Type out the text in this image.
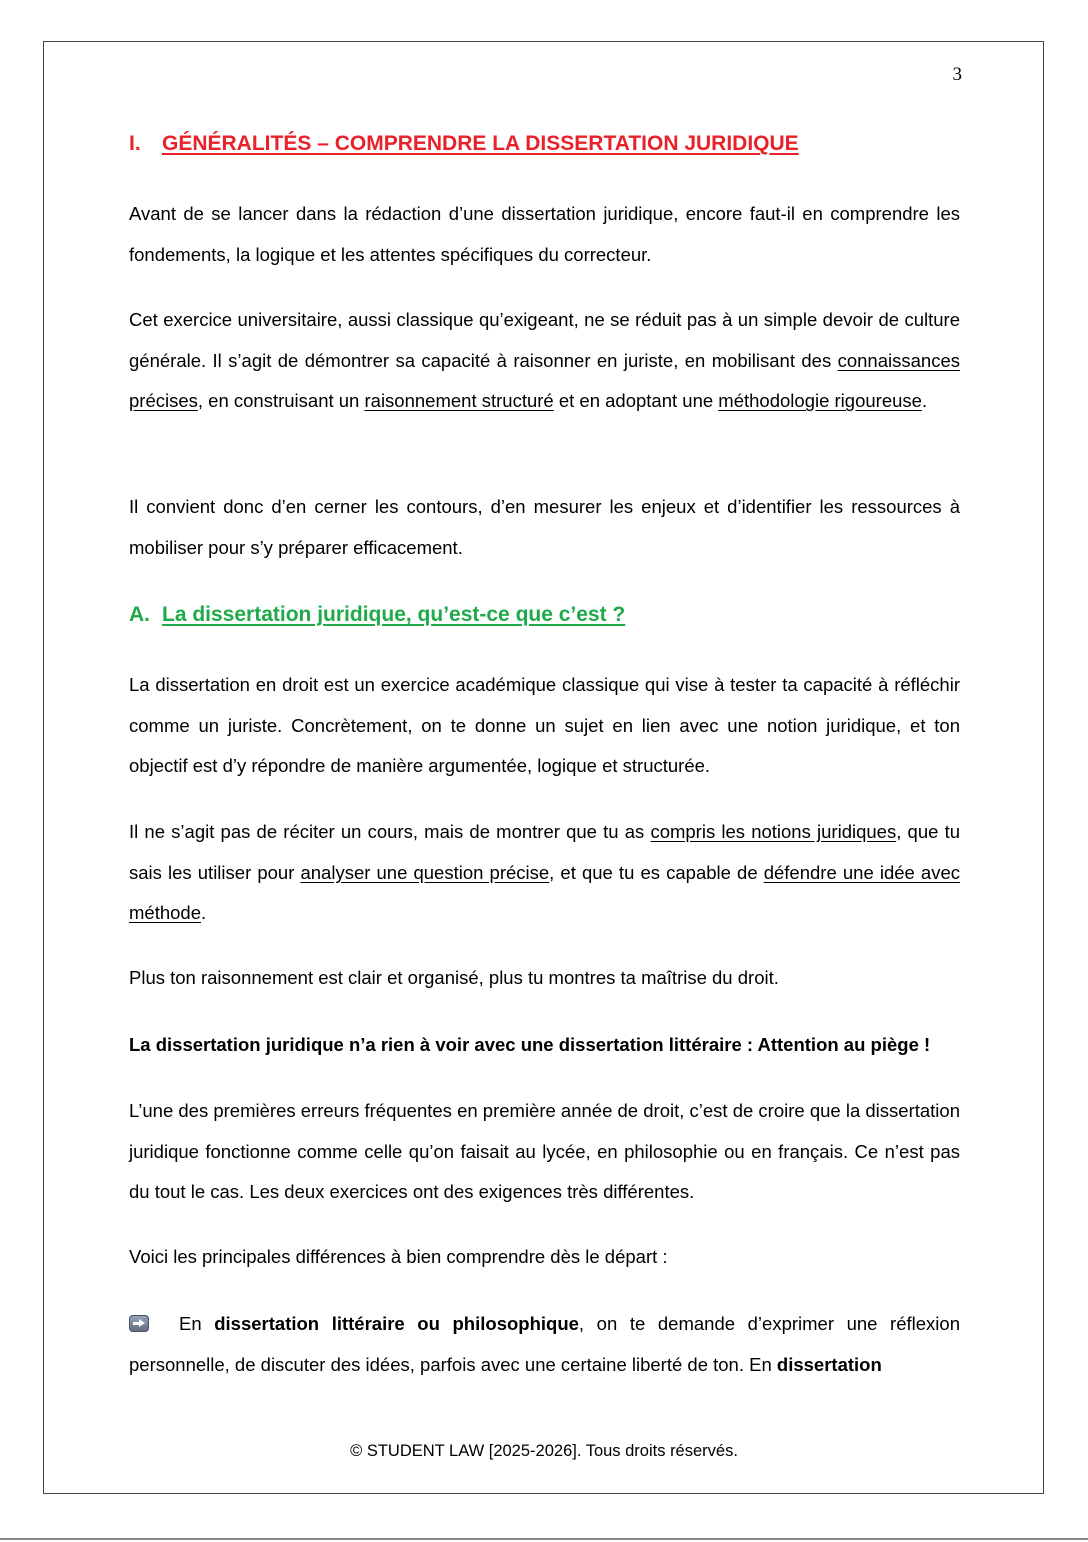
3
I. GÉNÉRALITÉS – COMPRENDRE LA DISSERTATION JURIDIQUE
Avant de se lancer dans la rédaction d’une dissertation juridique, encore faut-il en comprendre les fondements, la logique et les attentes spécifiques du correcteur.
Cet exercice universitaire, aussi classique qu’exigeant, ne se réduit pas à un simple devoir de culture générale. Il s’agit de démontrer sa capacité à raisonner en juriste, en mobilisant des connaissances précises, en construisant un raisonnement structuré et en adoptant une méthodologie rigoureuse.
Il convient donc d’en cerner les contours, d’en mesurer les enjeux et d’identifier les ressources à mobiliser pour s’y préparer efficacement.
A. La dissertation juridique, qu’est-ce que c’est ?
La dissertation en droit est un exercice académique classique qui vise à tester ta capacité à réfléchir comme un juriste. Concrètement, on te donne un sujet en lien avec une notion juridique, et ton objectif est d’y répondre de manière argumentée, logique et structurée.
Il ne s’agit pas de réciter un cours, mais de montrer que tu as compris les notions juridiques, que tu sais les utiliser pour analyser une question précise, et que tu es capable de défendre une idée avec méthode.
Plus ton raisonnement est clair et organisé, plus tu montres ta maîtrise du droit.
La dissertation juridique n’a rien à voir avec une dissertation littéraire : Attention au piège !
L’une des premières erreurs fréquentes en première année de droit, c’est de croire que la dissertation juridique fonctionne comme celle qu’on faisait au lycée, en philosophie ou en français. Ce n’est pas du tout le cas. Les deux exercices ont des exigences très différentes.
Voici les principales différences à bien comprendre dès le départ :
En dissertation littéraire ou philosophique, on te demande d’exprimer une réflexion personnelle, de discuter des idées, parfois avec une certaine liberté de ton. En dissertation
© STUDENT LAW [2025-2026]. Tous droits réservés.
